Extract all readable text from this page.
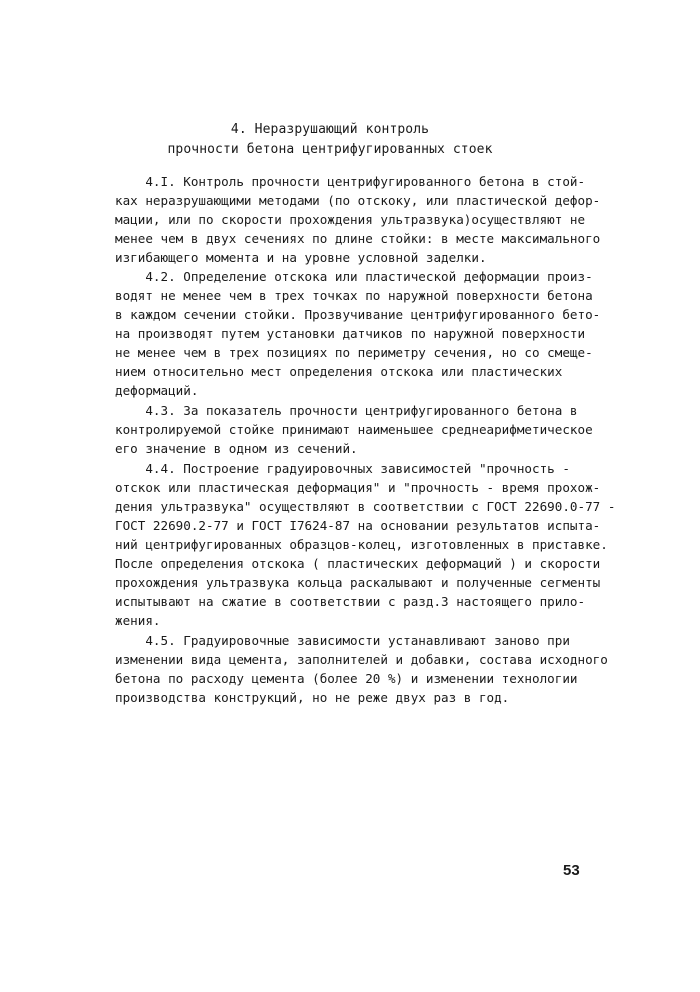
4. Неразрушающий контроль
прочности бетона центрифугированных стоек
4.I. Контроль прочности центрифугированного бетона в стой-
ках неразрушающими методами (по отскоку, или пластической дефор-
мации, или по скорости прохождения ультразвука)осуществляют не
менее чем в двух сечениях по длине стойки: в месте максимального
изгибающего момента и на уровне условной заделки.
4.2. Определение отскока или пластической деформации произ-
водят не менее чем в трех точках по наружной поверхности бетона
в каждом сечении стойки. Прозвучивание центрифугированного бето-
на производят путем установки датчиков по наружной поверхности
не менее чем в трех позициях по периметру сечения, но со смеще-
нием относительно мест определения отскока или пластических
деформаций.
4.3. За показатель прочности центрифугированного бетона в
контролируемой стойке принимают наименьшее среднеарифметическое
его значение в одном из сечений.
4.4. Построение градуировочных зависимостей "прочность -
отскок или пластическая деформация" и "прочность - время прохож-
дения ультразвука" осуществляют в соответствии с ГОСТ 22690.0-77 -
ГОСТ 22690.2-77 и ГОСТ I7624-87 на основании результатов испыта-
ний центрифугированных образцов-колец, изготовленных в приставке.
После определения отскока ( пластических деформаций ) и скорости
прохождения ультразвука кольца раскалывают и полученные сегменты
испытывают на сжатие в соответствии с разд.3 настоящего прило-
жения.
4.5. Градуировочные зависимости устанавливают заново при
изменении вида цемента, заполнителей и добавки, состава исходного
бетона по расходу цемента (более 20 %) и изменении технологии
производства конструкций, но не реже двух раз в год.
53
